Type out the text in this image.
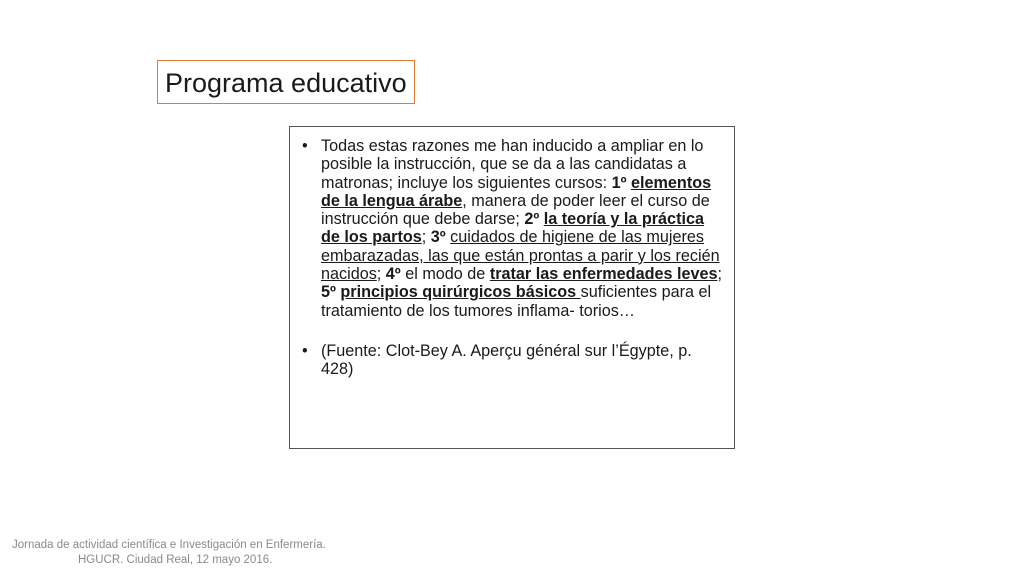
Programa educativo
• Todas estas razones me han inducido a ampliar en lo posible la instrucción, que se da a las candidatas a matronas; incluye los siguientes cursos: 1º elementos de la lengua árabe, manera de poder leer el curso de instrucción que debe darse; 2º la teoría y la práctica de los partos; 3º cuidados de higiene de las mujeres embarazadas, las que están prontas a parir y los recién nacidos; 4º el modo de tratar las enfermedades leves; 5º principios quirúrgicos básicos suficientes para el tratamiento de los tumores inflama- torios…
• (Fuente: Clot-Bey A. Aperçu général sur l’Égypte, p. 428)
Jornada de actividad científica e Investigación en Enfermería.
HGUCR. Ciudad Real, 12 mayo 2016.
